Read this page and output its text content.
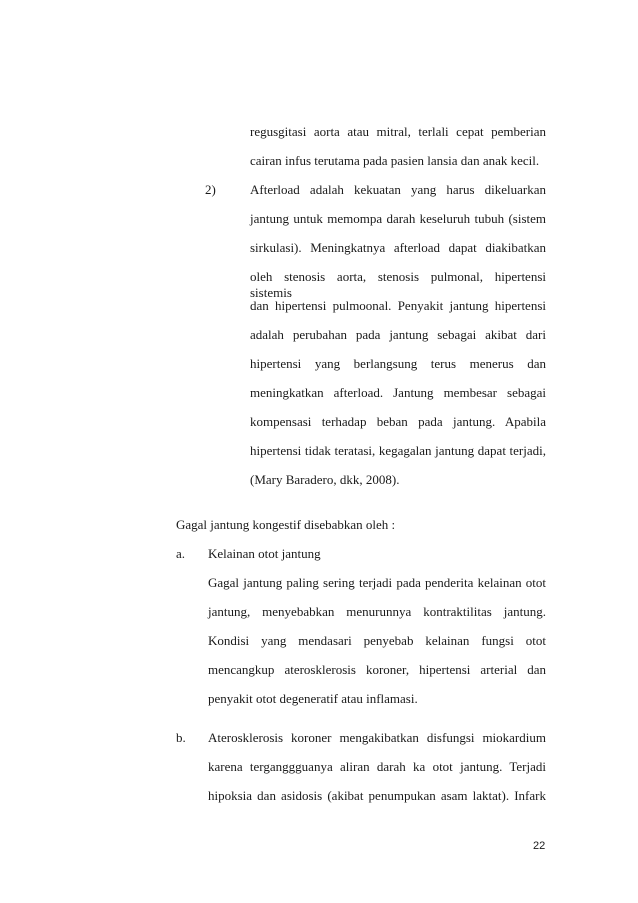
regusgitasi aorta atau mitral, terlali cepat pemberian
cairan infus terutama pada pasien lansia dan anak kecil.
2)	Afterload adalah kekuatan yang harus dikeluarkan
jantung untuk memompa darah keseluruh tubuh (sistem
sirkulasi). Meningkatnya afterload dapat diakibatkan
oleh stenosis aorta, stenosis pulmonal, hipertensi sistemis
dan hipertensi pulmoonal. Penyakit jantung hipertensi
adalah perubahan pada jantung sebagai akibat dari
hipertensi yang berlangsung terus menerus dan
meningkatkan afterload. Jantung membesar sebagai
kompensasi terhadap beban pada jantung. Apabila
hipertensi tidak teratasi, kegagalan jantung dapat terjadi,
(Mary Baradero, dkk, 2008).
Gagal jantung kongestif disebabkan oleh :
a. Kelainan otot jantung
Gagal jantung paling sering terjadi pada penderita kelainan otot
jantung, menyebabkan menurunnya kontraktilitas jantung.
Kondisi yang mendasari penyebab kelainan fungsi otot
mencangkup aterosklerosis koroner, hipertensi arterial dan
penyakit otot degeneratif atau inflamasi.
b. Aterosklerosis koroner mengakibatkan disfungsi miokardium
karena terganggguanya aliran darah ka otot jantung. Terjadi
hipoksia dan asidosis (akibat penumpukan asam laktat). Infark
22
